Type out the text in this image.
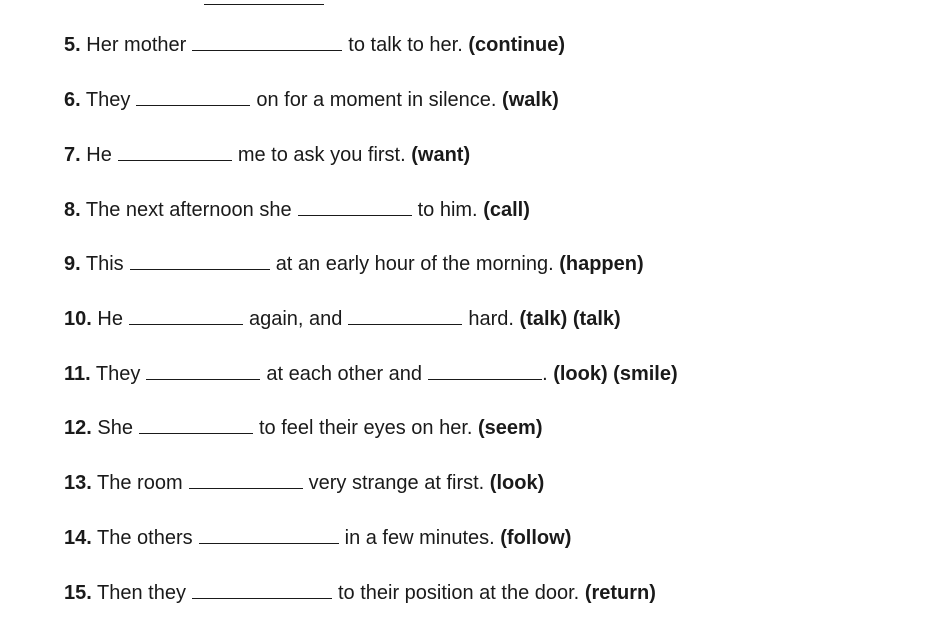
5. Her mother	to talk to her. (continue)
6. They	on for a moment in silence. (walk)
7. He	me to ask you first. (want)
8. The next afternoon she	to him. (call)
9. This	at an early hour of the morning. (happen)
10. He	again, and	hard. (talk) (talk)
11. They	at each other and	. (look) (smile)
12. She	to feel their eyes on her. (seem)
13. The room	very strange at first. (look)
14. The others	in a few minutes. (follow)
15. Then they	to their position at the door. (return)
